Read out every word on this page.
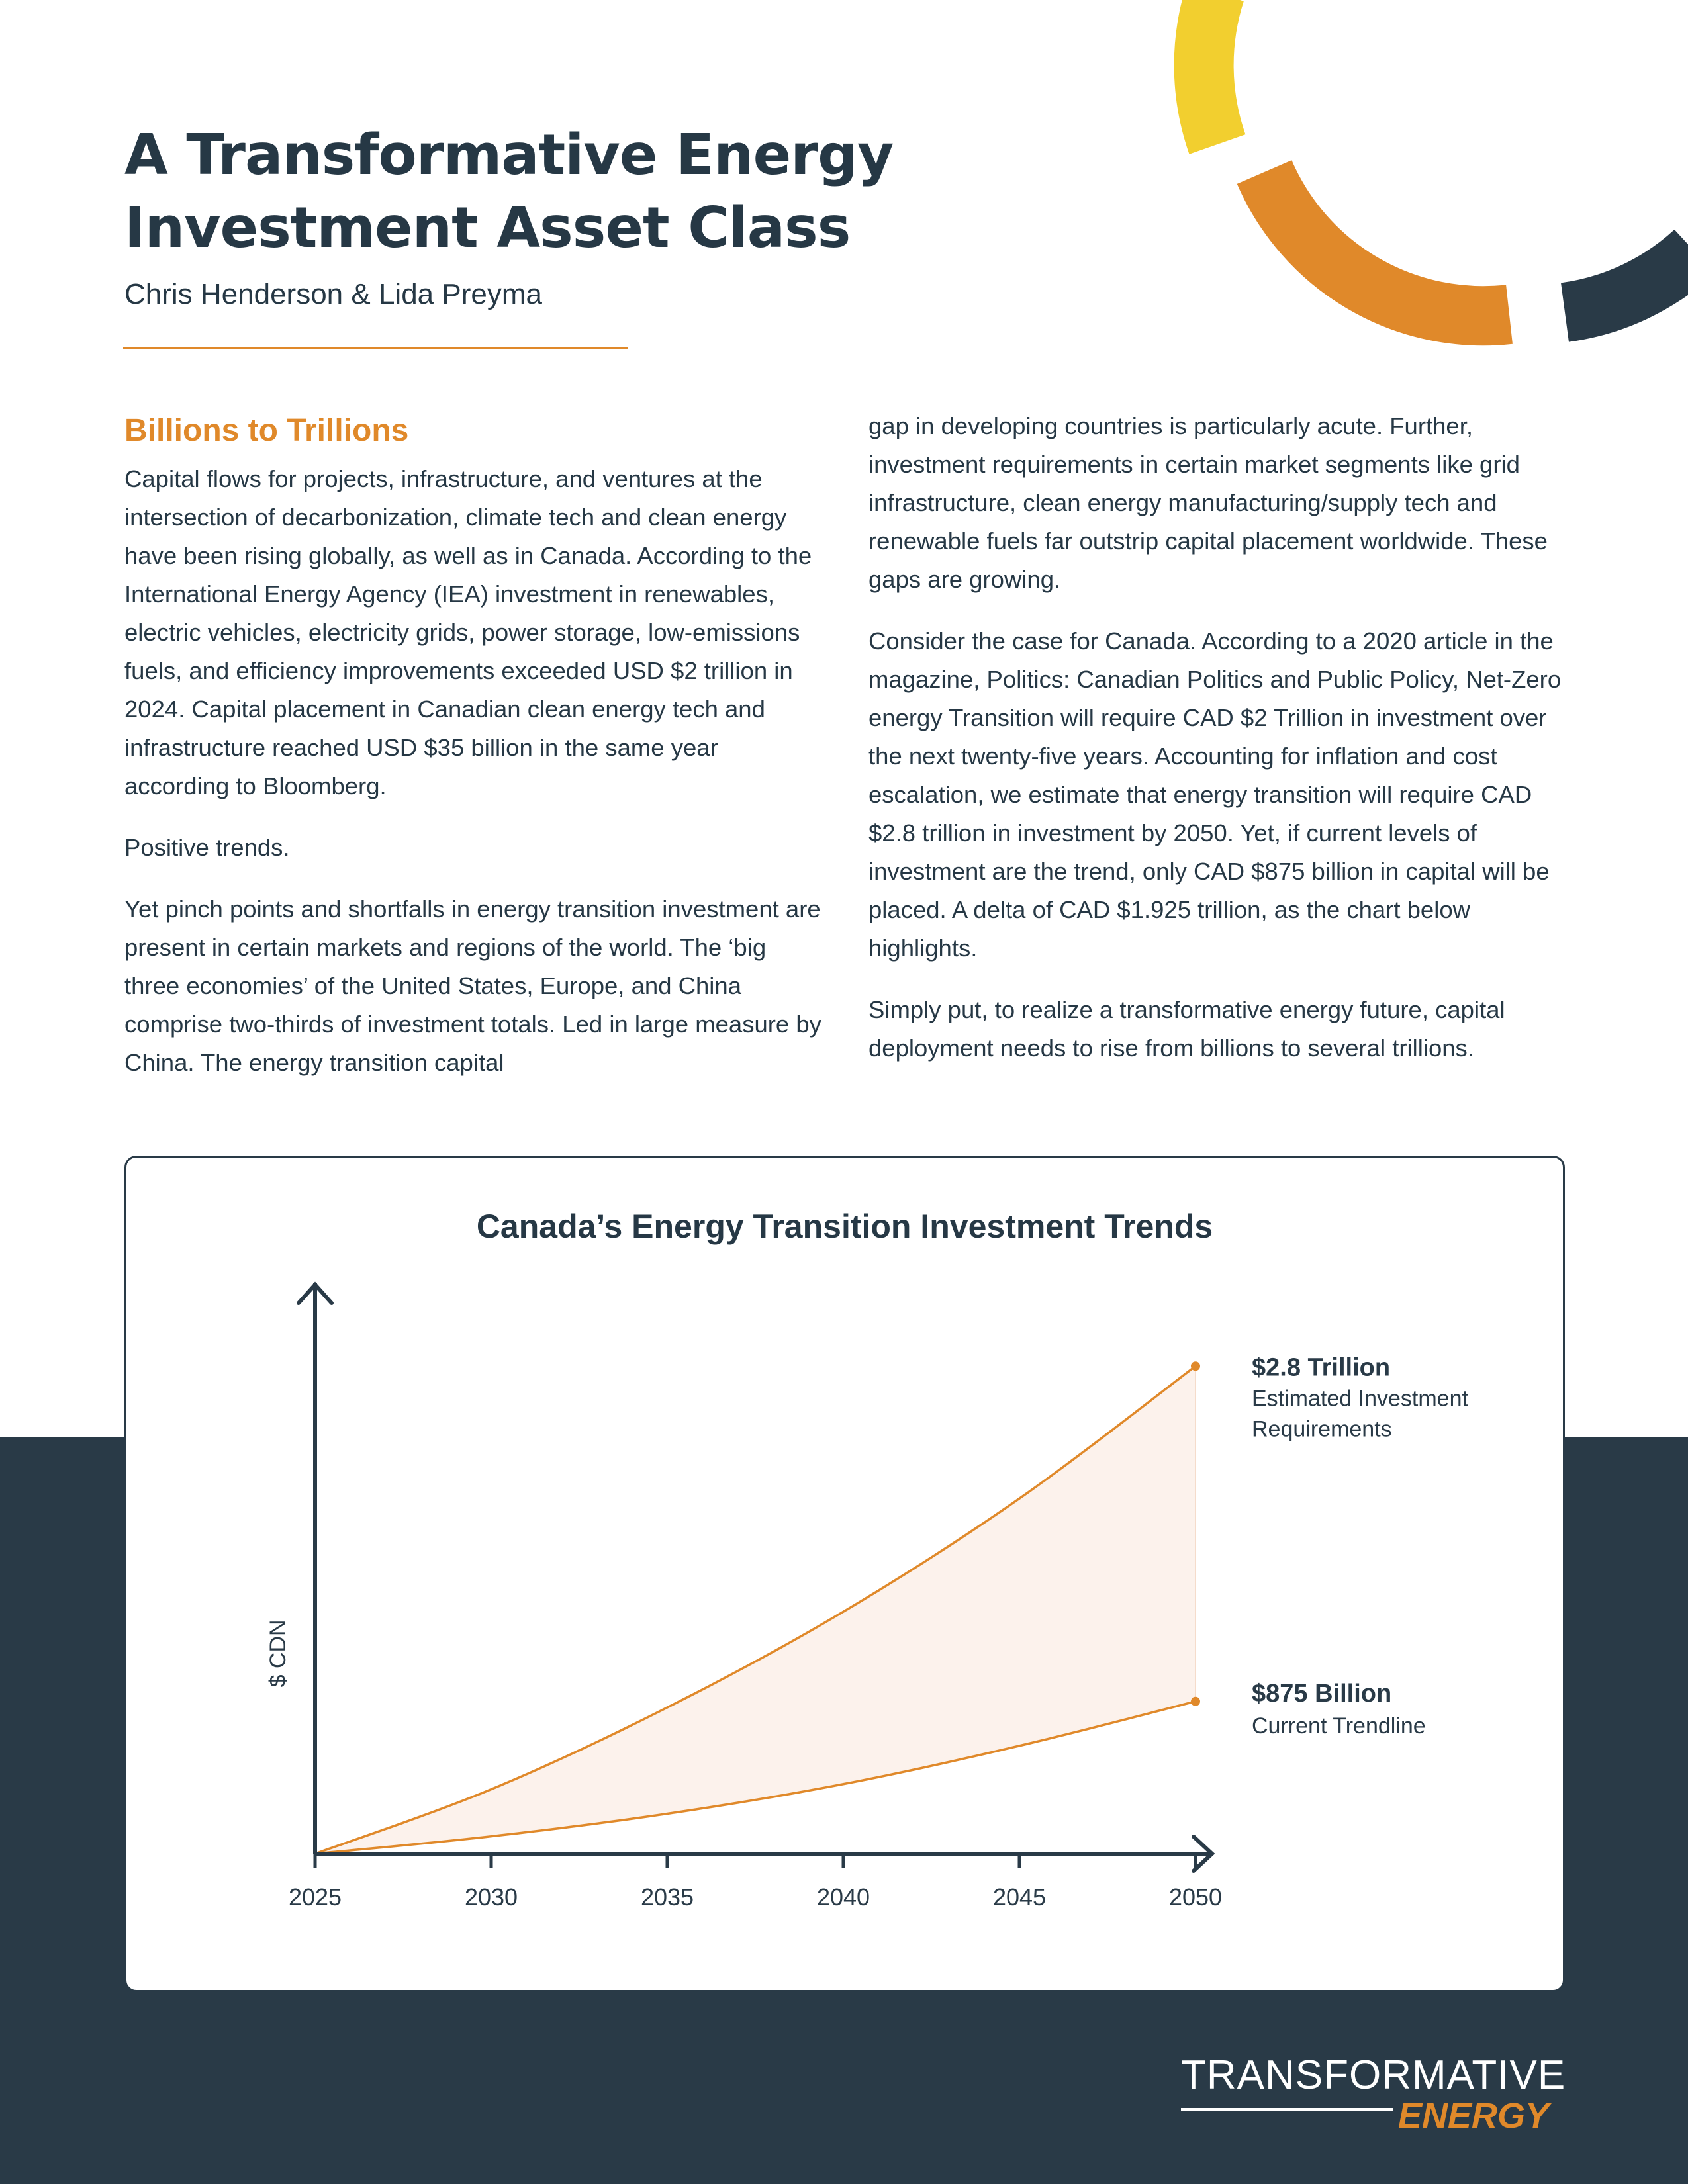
A Transformative Energy
Investment Asset Class
Chris Henderson & Lida Preyma
Billions to Trillions

Capital flows for projects, infrastructure, and ventures at the intersection of decarbonization, climate tech and clean energy have been rising globally, as well as in Canada. According to the International Energy Agency (IEA) investment in renewables, electric vehicles, electricity grids, power storage, low-emissions fuels, and efficiency improvements exceeded USD $2 trillion in 2024. Capital placement in Canadian clean energy tech and infrastructure reached USD $35 billion in the same year according to Bloomberg.

Positive trends.

Yet pinch points and shortfalls in energy transition investment are present in certain markets and regions of the world. The ‘big three economies’ of the United States, Europe, and China comprise two-thirds of investment totals. Led in large measure by China. The energy transition capital

gap in developing countries is particularly acute. Further, investment requirements in certain market segments like grid infrastructure, clean energy manufacturing/supply tech and renewable fuels far outstrip capital placement worldwide. These gaps are growing.

Consider the case for Canada. According to a 2020 article in the magazine, Politics: Canadian Politics and Public Policy, Net-Zero energy Transition will require CAD $2 Trillion in investment over the next twenty-five years. Accounting for inflation and cost escalation, we estimate that energy transition will require CAD $2.8 trillion in investment by 2050. Yet, if current levels of investment are the trend, only CAD $875 billion in capital will be placed. A delta of CAD $1.925 trillion, as the chart below highlights.

Simply put, to realize a transformative energy future, capital deployment needs to rise from billions to several trillions.

Canada’s Energy Transition Investment Trends
2025	2030	2035	2040	2045	2050
$ CDN
$2.8 Trillion
Estimated Investment
Requirements
$875 Billion
Current Trendline
TRANSFORMATIVE
ENERGY
